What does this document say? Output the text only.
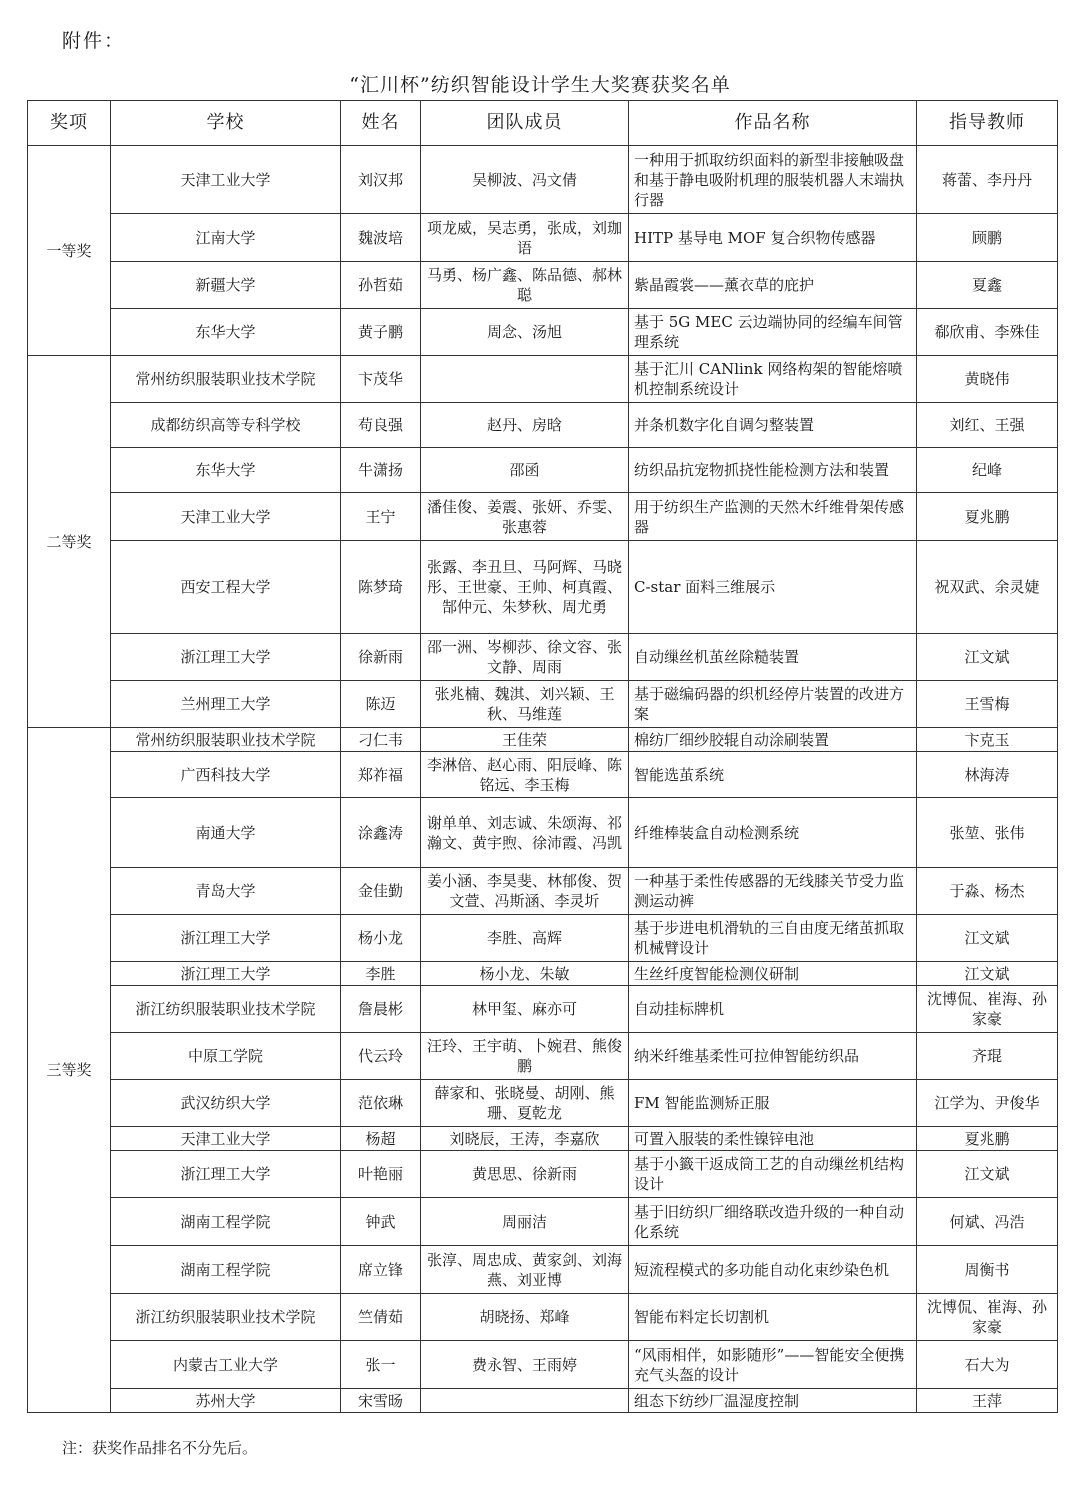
附件：
“汇川杯”纺织智能设计学生大奖赛获奖名单
奖项	学校	姓名	团队成员	作品名称	指导教师
一等奖	天津工业大学	刘汉邦	吴柳波、冯文倩	一种用于抓取纺织面料的新型非接触吸盘和基于静电吸附机理的服装机器人末端执行器	蒋蕾、李丹丹
	江南大学	魏波培	项龙威，吴志勇，张成，刘珈语	HITP 基导电 MOF 复合织物传感器	顾鹏
	新疆大学	孙哲茹	马勇、杨广鑫、陈品德、郝林聪	紫晶霞裳——薰衣草的庇护	夏鑫
	东华大学	黄子鹏	周念、汤旭	基于 5G MEC 云边端协同的经编车间管理系统	郗欣甫、李殊佳
二等奖	常州纺织服装职业技术学院	卞茂华		基于汇川 CANlink 网络构架的智能熔喷机控制系统设计	黄晓伟
	成都纺织高等专科学校	苟良强	赵丹、房晗	并条机数字化自调匀整装置	刘红、王强
	东华大学	牛潇扬	邵函	纺织品抗宠物抓挠性能检测方法和装置	纪峰
	天津工业大学	王宁	潘佳俊、姜震、张妍、乔雯、张惠蓉	用于纺织生产监测的天然木纤维骨架传感器	夏兆鹏
	西安工程大学	陈梦琦	张露、李丑旦、马阿辉、马晓彤、王世豪、王帅、柯真霞、郜仲元、朱梦秋、周尤勇	C-star 面料三维展示	祝双武、余灵婕
	浙江理工大学	徐新雨	邵一洲、岑柳莎、徐文容、张文静、周雨	自动缫丝机茧丝除糙装置	江文斌
	兰州理工大学	陈迈	张兆楠、魏淇、刘兴颖、王秋、马维莲	基于磁编码器的织机经停片装置的改进方案	王雪梅
三等奖	常州纺织服装职业技术学院	刁仁韦	王佳荣	棉纺厂细纱胶辊自动涂刷装置	卞克玉
	广西科技大学	郑祚福	李淋倍、赵心雨、阳辰峰、陈铭远、李玉梅	智能选茧系统	林海涛
	南通大学	涂鑫涛	谢单单、刘志诚、朱颂海、祁瀚文、黄宇煦、徐沛霞、冯凯	纤维棒装盒自动检测系统	张堃、张伟
	青岛大学	金佳勤	姜小涵、李昊斐、林郁俊、贺文萱、冯斯涵、李灵圻	一种基于柔性传感器的无线膝关节受力监测运动裤	于淼、杨杰
	浙江理工大学	杨小龙	李胜、高辉	基于步进电机滑轨的三自由度无绪茧抓取机械臂设计	江文斌
	浙江理工大学	李胜	杨小龙、朱敏	生丝纤度智能检测仪研制	江文斌
	浙江纺织服装职业技术学院	詹晨彬	林甲玺、麻亦可	自动挂标牌机	沈博侃、崔海、孙家豪
	中原工学院	代云玲	汪玲、王宇萌、卜婉君、熊俊鹏	纳米纤维基柔性可拉伸智能纺织品	齐琨
	武汉纺织大学	范依琳	薛家和、张晓曼、胡刚、熊珊、夏乾龙	FM 智能监测矫正服	江学为、尹俊华
	天津工业大学	杨超	刘晓辰，王涛，李嘉欣	可置入服装的柔性镍锌电池	夏兆鹏
	浙江理工大学	叶艳丽	黄思思、徐新雨	基于小籤干返成筒工艺的自动缫丝机结构设计	江文斌
	湖南工程学院	钟武	周丽洁	基于旧纺织厂细络联改造升级的一种自动化系统	何斌、冯浩
	湖南工程学院	席立锋	张淳、周忠成、黄家剑、刘海燕、刘亚博	短流程模式的多功能自动化束纱染色机	周衡书
	浙江纺织服装职业技术学院	竺倩茹	胡晓扬、郑峰	智能布料定长切割机	沈博侃、崔海、孙家豪
	内蒙古工业大学	张一	费永智、王雨婷	“风雨相伴，如影随形”——智能安全便携充气头盔的设计	石大为
	苏州大学	宋雪旸		组态下纺纱厂温湿度控制	王萍
注：获奖作品排名不分先后。
